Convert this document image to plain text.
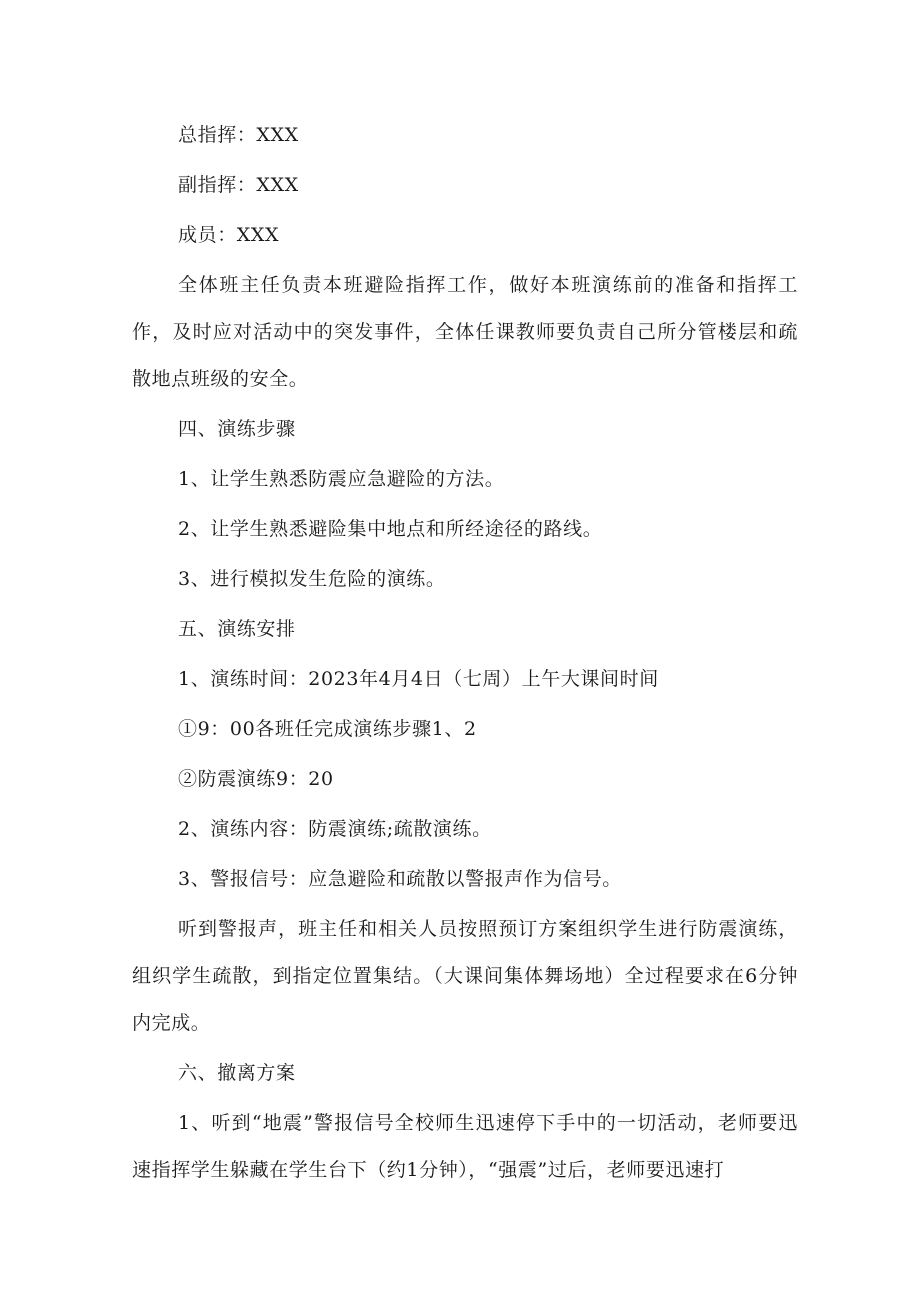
总指挥：XXX

副指挥：XXX

成员：XXX

全体班主任负责本班避险指挥工作，做好本班演练前的准备和指挥工作，及时应对活动中的突发事件，全体任课教师要负责自己所分管楼层和疏散地点班级的安全。

四、演练步骤

1、让学生熟悉防震应急避险的方法。

2、让学生熟悉避险集中地点和所经途径的路线。

3、进行模拟发生危险的演练。

五、演练安排

1、演练时间：2023年4月4日（七周）上午大课间时间

①9：00各班任完成演练步骤1、2

②防震演练9：20

2、演练内容：防震演练;疏散演练。

3、警报信号：应急避险和疏散以警报声作为信号。

听到警报声，班主任和相关人员按照预订方案组织学生进行防震演练，组织学生疏散，到指定位置集结。（大课间集体舞场地）全过程要求在6分钟内完成。

六、撤离方案

1、听到“地震”警报信号全校师生迅速停下手中的一切活动，老师要迅速指挥学生躲藏在学生台下（约1分钟），“强震”过后，老师要迅速打
